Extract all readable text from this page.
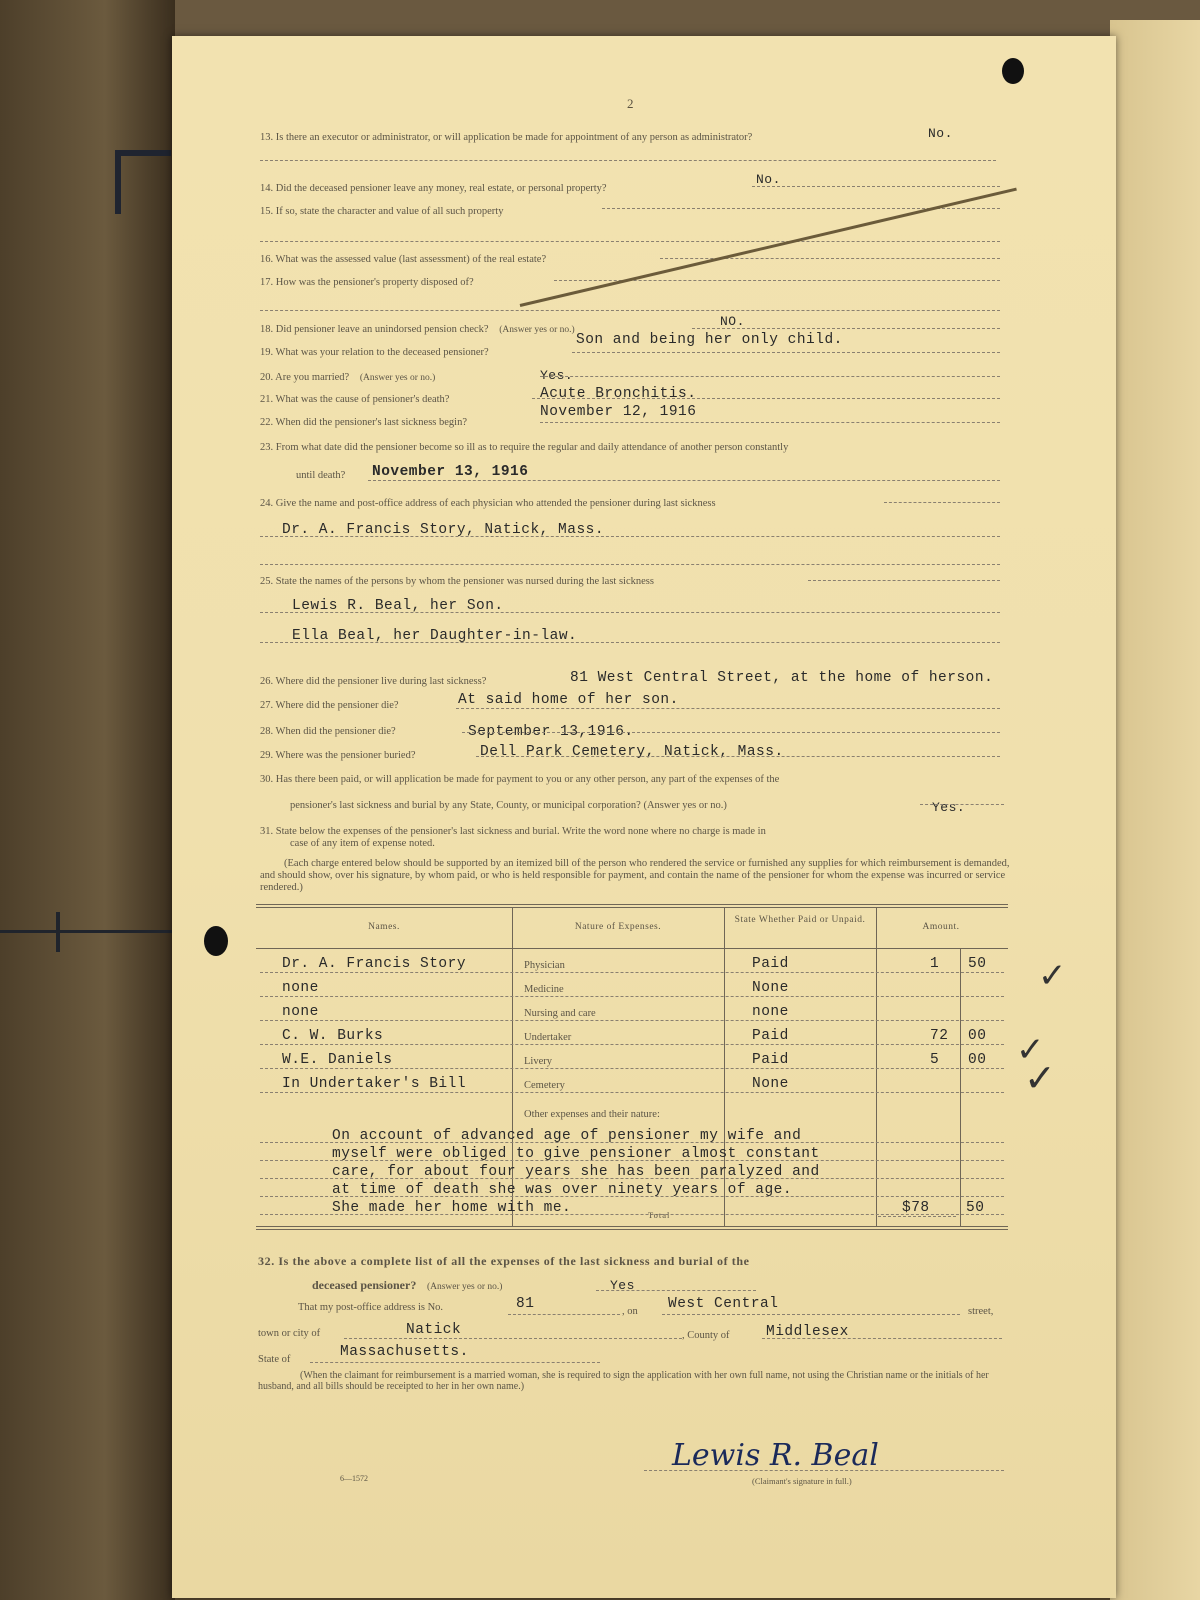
2
13. Is there an executor or administrator, or will application be made for appointment of any person as administrator?	No.
14. Did the deceased pensioner leave any money, real estate, or personal property?
No.
15. If so, state the character and value of all such property
16. What was the assessed value (last assessment) of the real estate?
17. How was the pensioner's property disposed of?
18. Did pensioner leave an unindorsed pension check? (Answer yes or no.)
NO.
19. What was your relation to the deceased pensioner?
Son and being her only child.
20. Are you married? (Answer yes or no.)	Yes.
21. What was the cause of pensioner's death?	Acute Bronchitis.
22. When did the pensioner's last sickness begin?
November 12, 1916
23. From what date did the pensioner become so ill as to require the regular and daily attendance of another person constantly
until death? November 13, 1916
24. Give the name and post-office address of each physician who attended the pensioner during last sickness
Dr. A. Francis Story, Natick, Mass.
25. State the names of the persons by whom the pensioner was nursed during the last sickness
Lewis R. Beal, her Son.
Ella Beal, her Daughter-in-law.
26. Where did the pensioner live during last sickness?	81 West Central Street, at the home of herson.
27. Where did the pensioner die?	At said home of her son.
28. When did the pensioner die?	September 13,1916.
29. Where was the pensioner buried?	Dell Park Cemetery, Natick, Mass.
30. Has there been paid, or will application be made for payment to you or any other person, any part of the expenses of the
pensioner's last sickness and burial by any State, County, or municipal corporation? (Answer yes or no.)	Yes.
31. State below the expenses of the pensioner's last sickness and burial. Write the word none where no charge is made in
case of any item of expense noted.
(Each charge entered below should be supported by an itemized bill of the person who rendered the service or furnished any supplies for which reimbursement is demanded, and should show, over his signature, by whom paid, or who is held responsible for payment, and contain the name of the pensioner for whom the expense was incurred or service rendered.)
Names.	Nature of Expenses.
State Whether Paid or Unpaid.
Amount.
Dr. A. Francis Story	Physician	Paid	1 50
none	Medicine	None
none	Nursing and care	none
C. W. Burks	Undertaker	Paid	72 00
W.E. Daniels	Livery	Paid	5 00
In Undertaker's Bill	Cemetery	None
Other expenses and their nature:
On account of advanced age of pensioner my wife and
myself were obliged to give pensioner almost constant
care, for about four years she has been paralyzed and
at time of death she was over ninety years of age.
She made her home with me.	Total	$78	50
✓
✓
✓
32. Is the above a complete list of all the expenses of the last sickness and burial of the
deceased pensioner? (Answer yes or no.)	Yes
That my post-office address is No.	81	, on West Central	street,
town or city of	Natick	, County of	Middlesex
State of	Massachusetts.
(When the claimant for reimbursement is a married woman, she is required to sign the application with her own full name, not using the Christian name or the initials of her husband, and all bills should be receipted to her in her own name.)
6—1572
Lewis R. Beal
(Claimant's signature in full.)
